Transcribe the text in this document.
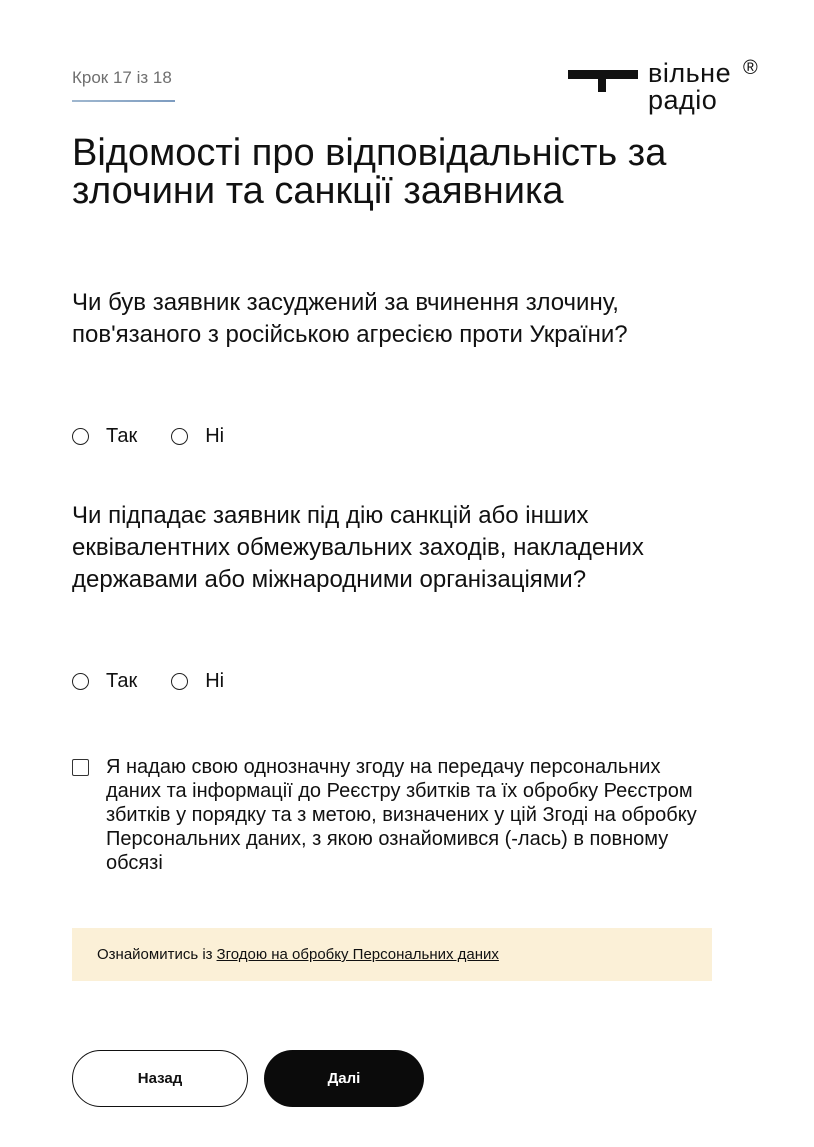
Крок 17 із 18	вільне
радіо
®
Відомості про відповідальність за злочини та санкції заявника

Чи був заявник засуджений за вчинення злочину, пов'язаного з російською агресією проти України?

Так	Ні

Чи підпадає заявник під дію санкцій або інших еквівалентних обмежувальних заходів, накладених державами або міжнародними організаціями?

Так	Ні
Я надаю свою однозначну згоду на передачу персональних даних та інформації до Реєстру збитків та їх обробку Реєстром збитків у порядку та з метою, визначених у цій Згоді на обробку Персональних даних, з якою ознайомився (-лась) в повному обсязі
Ознайомитись із Згодою на обробку Персональних даних
Назад	Далі
